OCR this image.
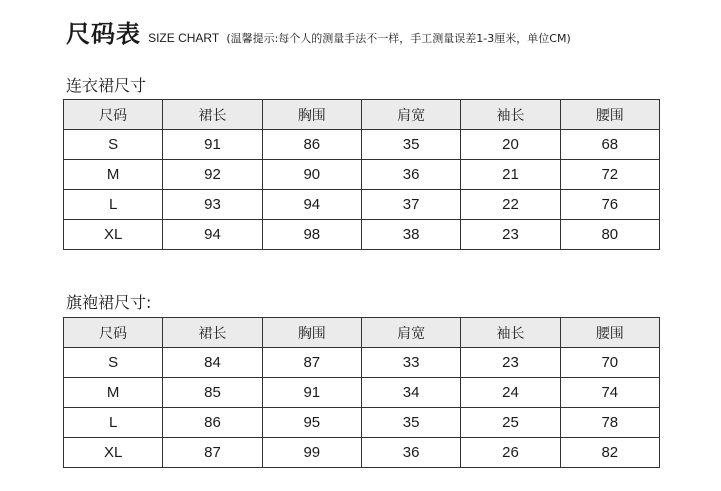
尺码表 SIZE CHART (温馨提示:每个人的测量手法不一样，手工测量误差1-3厘米，单位CM)
连衣裙尺寸
尺码	裙长	胸围	肩宽	袖长	腰围
S	91	86	35	20	68
M	92	90	36	21	72
L	93	94	37	22	76
XL	94	98	38	23	80
旗袍裙尺寸:
尺码	裙长	胸围	肩宽	袖长	腰围
S	84	87	33	23	70
M	85	91	34	24	74
L	86	95	35	25	78
XL	87	99	36	26	82
